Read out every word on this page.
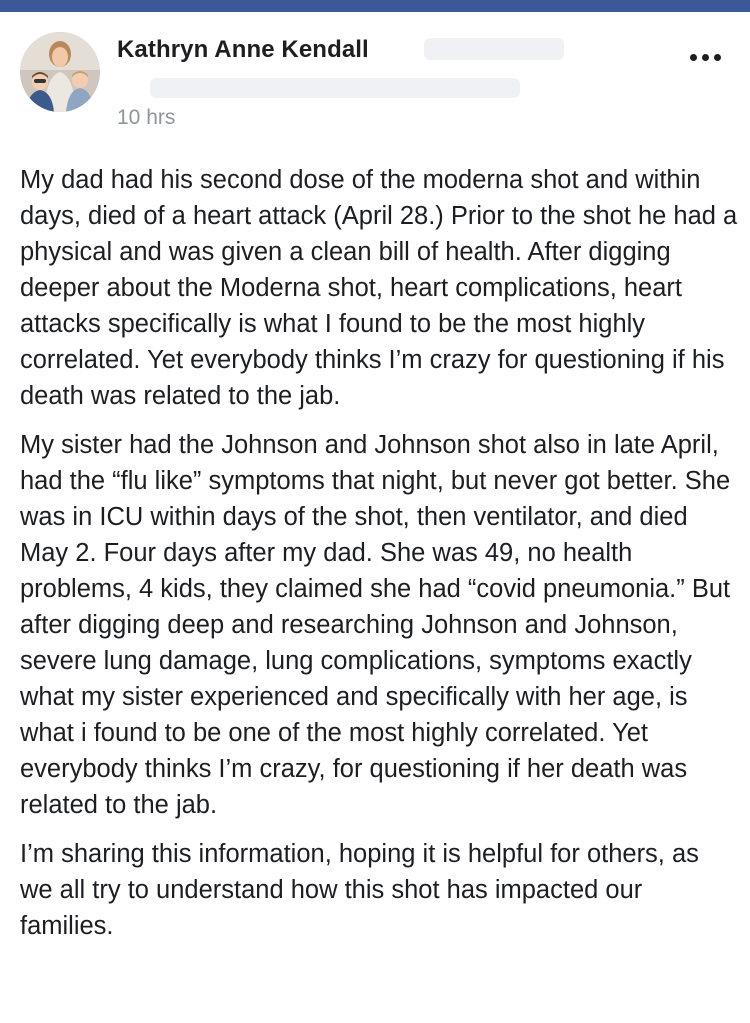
Kathryn Anne Kendall
10 hrs

My dad had his second dose of the moderna shot and within days, died of a heart attack (April 28.) Prior to the shot he had a physical and was given a clean bill of health. After digging deeper about the Moderna shot, heart complications, heart attacks specifically is what I found to be the most highly correlated. Yet everybody thinks I’m crazy for questioning if his death was related to the jab.

My sister had the Johnson and Johnson shot also in late April, had the “flu like” symptoms that night, but never got better. She was in ICU within days of the shot, then ventilator, and died May 2. Four days after my dad. She was 49, no health problems, 4 kids, they claimed she had “covid pneumonia.” But after digging deep and researching Johnson and Johnson, severe lung damage, lung complications, symptoms exactly what my sister experienced and specifically with her age, is what i found to be one of the most highly correlated. Yet everybody thinks I’m crazy, for questioning if her death was related to the jab.

I’m sharing this information, hoping it is helpful for others, as we all try to understand how this shot has impacted our families.
